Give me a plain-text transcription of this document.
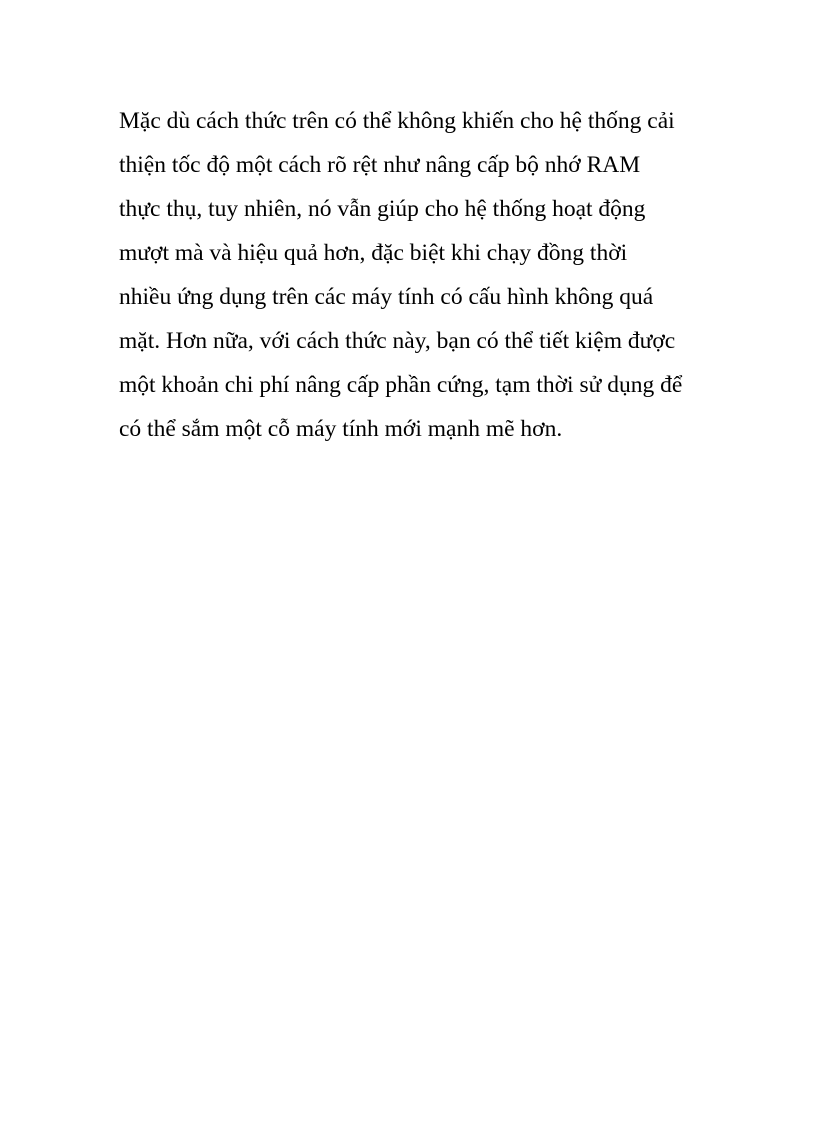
Mặc dù cách thức trên có thể không khiến cho hệ thống cải
thiện tốc độ một cách rõ rệt như nâng cấp bộ nhớ RAM
thực thụ, tuy nhiên, nó vẫn giúp cho hệ thống hoạt động
mượt mà và hiệu quả hơn, đặc biệt khi chạy đồng thời
nhiều ứng dụng trên các máy tính có cấu hình không quá
mặt. Hơn nữa, với cách thức này, bạn có thể tiết kiệm được
một khoản chi phí nâng cấp phần cứng, tạm thời sử dụng để
có thể sắm một cỗ máy tính mới mạnh mẽ hơn.
